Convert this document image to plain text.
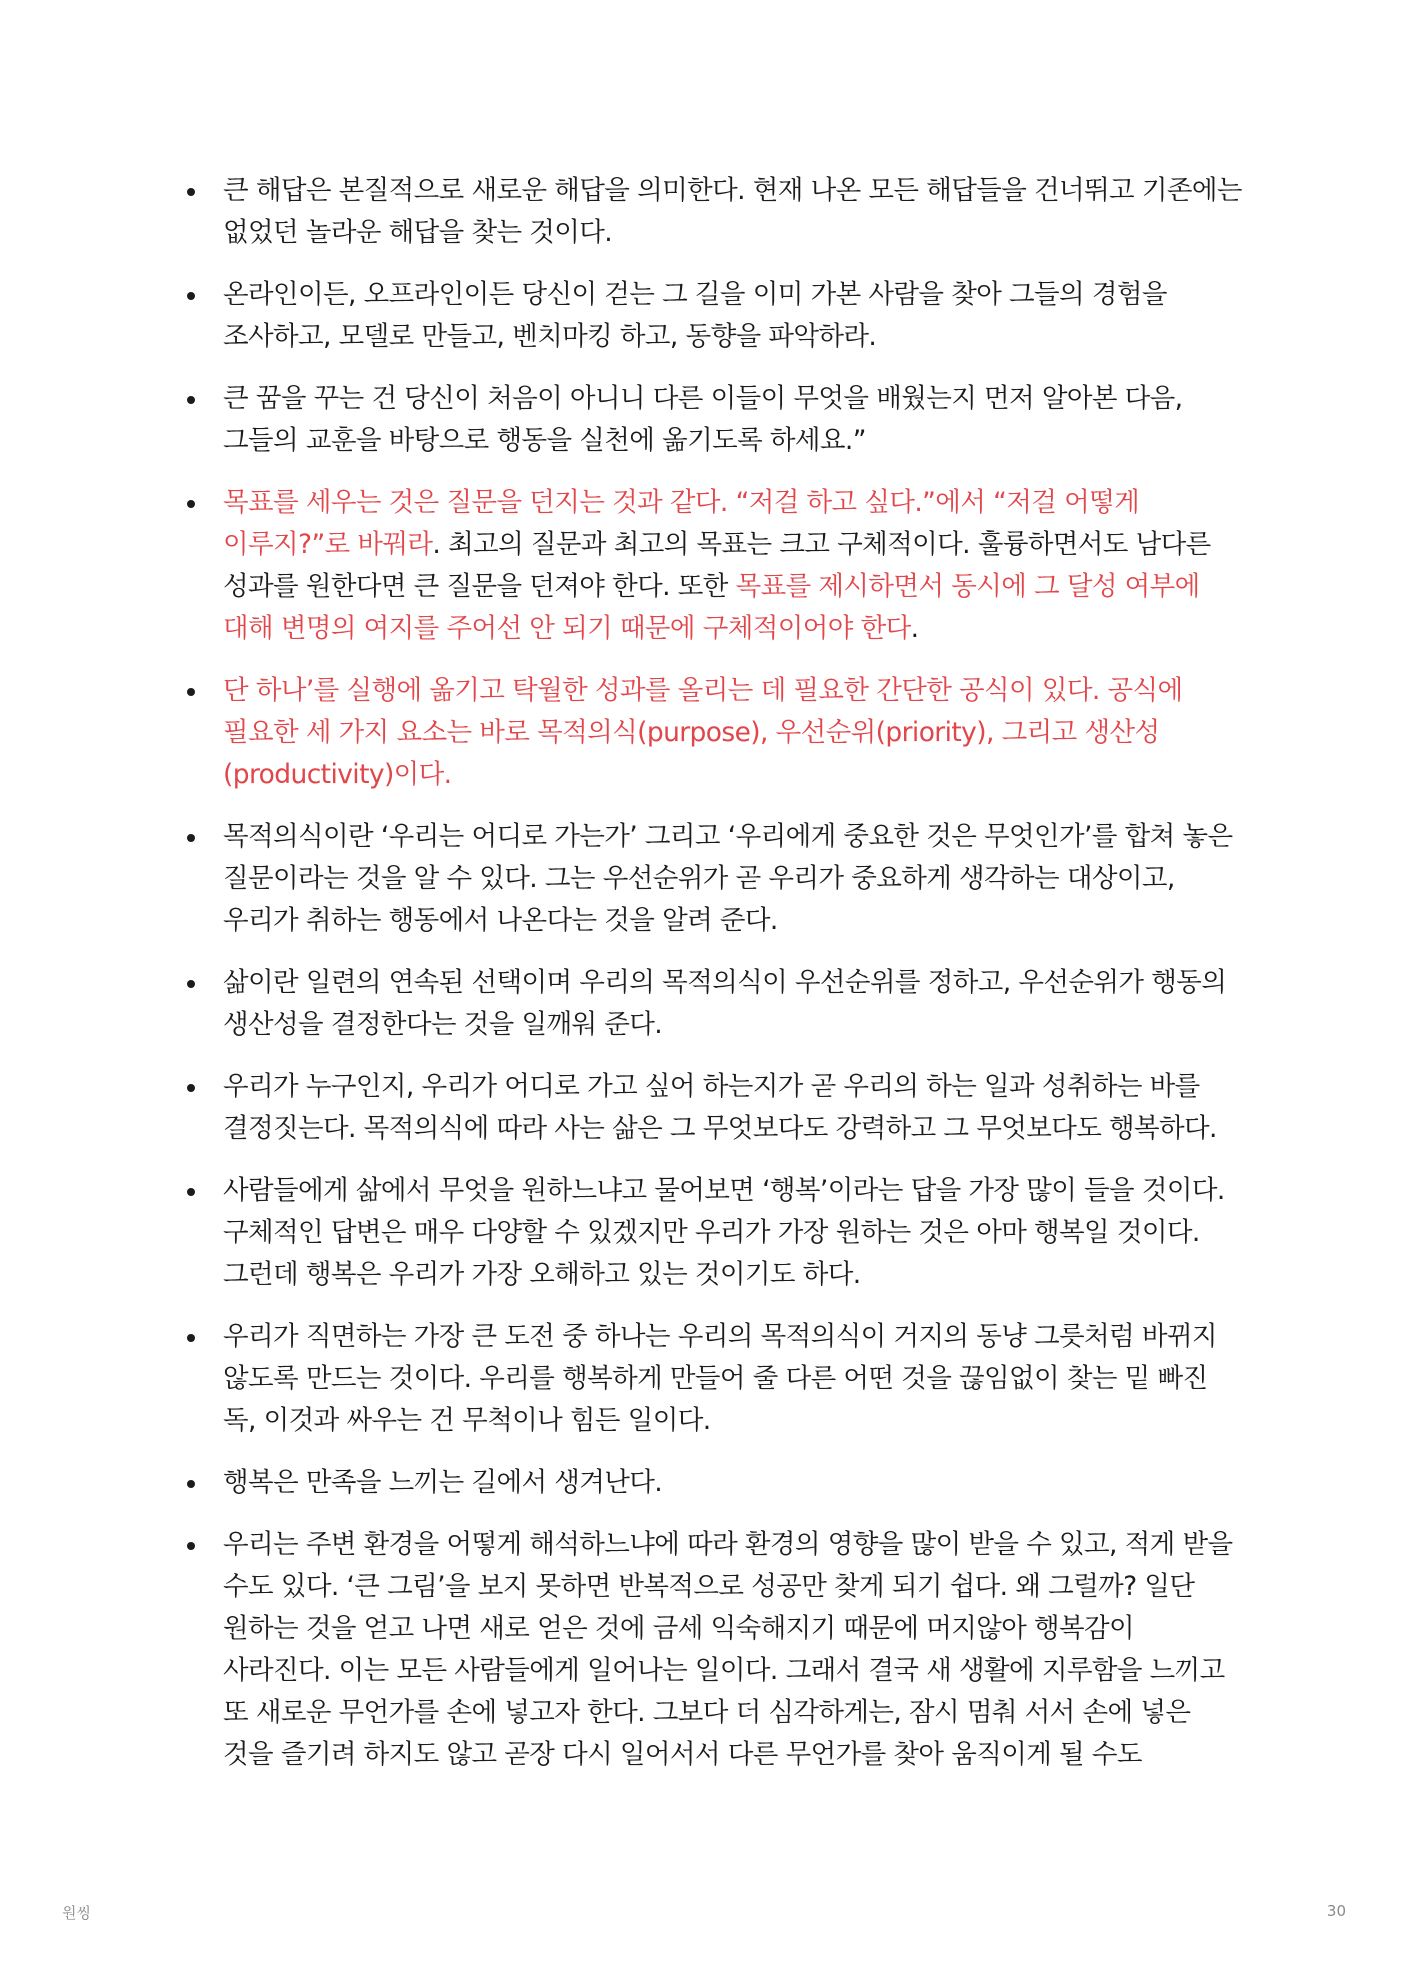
큰 해답은 본질적으로 새로운 해답을 의미한다. 현재 나온 모든 해답들을 건너뛰고 기존에는 없었던 놀라운 해답을 찾는 것이다.
온라인이든, 오프라인이든 당신이 걷는 그 길을 이미 가본 사람을 찾아 그들의 경험을 조사하고, 모델로 만들고, 벤치마킹 하고, 동향을 파악하라.
큰 꿈을 꾸는 건 당신이 처음이 아니니 다른 이들이 무엇을 배웠는지 먼저 알아본 다음, 그들의 교훈을 바탕으로 행동을 실천에 옮기도록 하세요.”
목표를 세우는 것은 질문을 던지는 것과 같다. “저걸 하고 싶다.”에서 “저걸 어떻게 이루지?”로 바꿔라. 최고의 질문과 최고의 목표는 크고 구체적이다. 훌륭하면서도 남다른 성과를 원한다면 큰 질문을 던져야 한다. 또한 목표를 제시하면서 동시에 그 달성 여부에 대해 변명의 여지를 주어선 안 되기 때문에 구체적이어야 한다.
단 하나’를 실행에 옮기고 탁월한 성과를 올리는 데 필요한 간단한 공식이 있다. 공식에 필요한 세 가지 요소는 바로 목적의식(purpose), 우선순위(priority), 그리고 생산성(productivity)이다.
목적의식이란 ‘우리는 어디로 가는가’ 그리고 ‘우리에게 중요한 것은 무엇인가’를 합쳐 놓은 질문이라는 것을 알 수 있다. 그는 우선순위가 곧 우리가 중요하게 생각하는 대상이고, 우리가 취하는 행동에서 나온다는 것을 알려 준다.
삶이란 일련의 연속된 선택이며 우리의 목적의식이 우선순위를 정하고, 우선순위가 행동의 생산성을 결정한다는 것을 일깨워 준다.
우리가 누구인지, 우리가 어디로 가고 싶어 하는지가 곧 우리의 하는 일과 성취하는 바를 결정짓는다. 목적의식에 따라 사는 삶은 그 무엇보다도 강력하고 그 무엇보다도 행복하다.
사람들에게 삶에서 무엇을 원하느냐고 물어보면 ‘행복’이라는 답을 가장 많이 들을 것이다. 구체적인 답변은 매우 다양할 수 있겠지만 우리가 가장 원하는 것은 아마 행복일 것이다. 그런데 행복은 우리가 가장 오해하고 있는 것이기도 하다.
우리가 직면하는 가장 큰 도전 중 하나는 우리의 목적의식이 거지의 동냥 그릇처럼 바뀌지 않도록 만드는 것이다. 우리를 행복하게 만들어 줄 다른 어떤 것을 끊임없이 찾는 밑 빠진 독, 이것과 싸우는 건 무척이나 힘든 일이다.
행복은 만족을 느끼는 길에서 생겨난다.
우리는 주변 환경을 어떻게 해석하느냐에 따라 환경의 영향을 많이 받을 수 있고, 적게 받을 수도 있다. ‘큰 그림’을 보지 못하면 반복적으로 성공만 찾게 되기 쉽다. 왜 그럴까? 일단 원하는 것을 얻고 나면 새로 얻은 것에 금세 익숙해지기 때문에 머지않아 행복감이 사라진다. 이는 모든 사람들에게 일어나는 일이다. 그래서 결국 새 생활에 지루함을 느끼고 또 새로운 무언가를 손에 넣고자 한다. 그보다 더 심각하게는, 잠시 멈춰 서서 손에 넣은 것을 즐기려 하지도 않고 곧장 다시 일어서서 다른 무언가를 찾아 움직이게 될 수도
원씽	30
